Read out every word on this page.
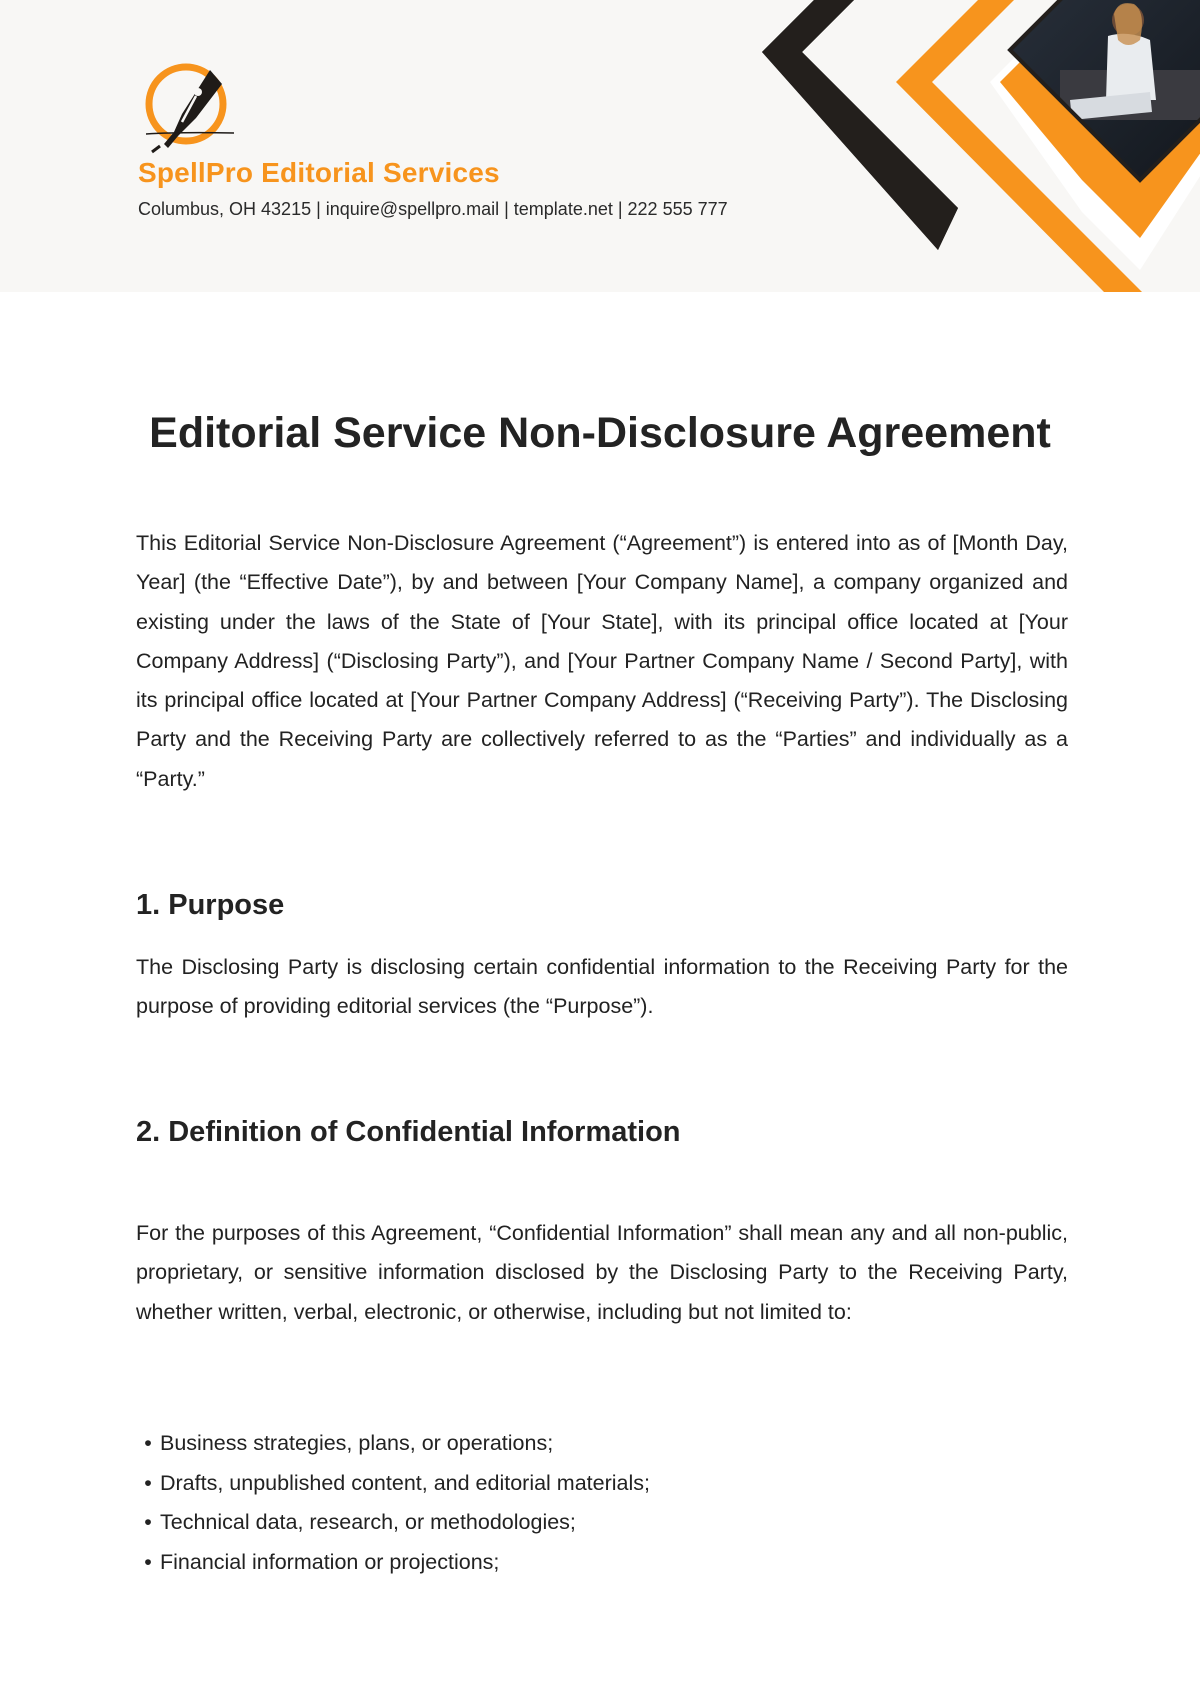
SpellPro Editorial Services
Columbus, OH 43215 | inquire@spellpro.mail | template.net | 222 555 777
Editorial Service Non-Disclosure Agreement

This Editorial Service Non-Disclosure Agreement (“Agreement”) is entered into as of [Month Day, Year] (the “Effective Date”), by and between [Your Company Name], a company organized and existing under the laws of the State of [Your State], with its principal office located at [Your Company Address] (“Disclosing Party”), and [Your Partner Company Name / Second Party], with its principal office located at [Your Partner Company Address] (“Receiving Party”). The Disclosing Party and the Receiving Party are collectively referred to as the “Parties” and individually as a “Party.”

1. Purpose

The Disclosing Party is disclosing certain confidential information to the Receiving Party for the purpose of providing editorial services (the “Purpose”).

2. Definition of Confidential Information

For the purposes of this Agreement, “Confidential Information” shall mean any and all non-public, proprietary, or sensitive information disclosed by the Disclosing Party to the Receiving Party, whether written, verbal, electronic, or otherwise, including but not limited to:

• Business strategies, plans, or operations;
• Drafts, unpublished content, and editorial materials;
• Technical data, research, or methodologies;
• Financial information or projections;
